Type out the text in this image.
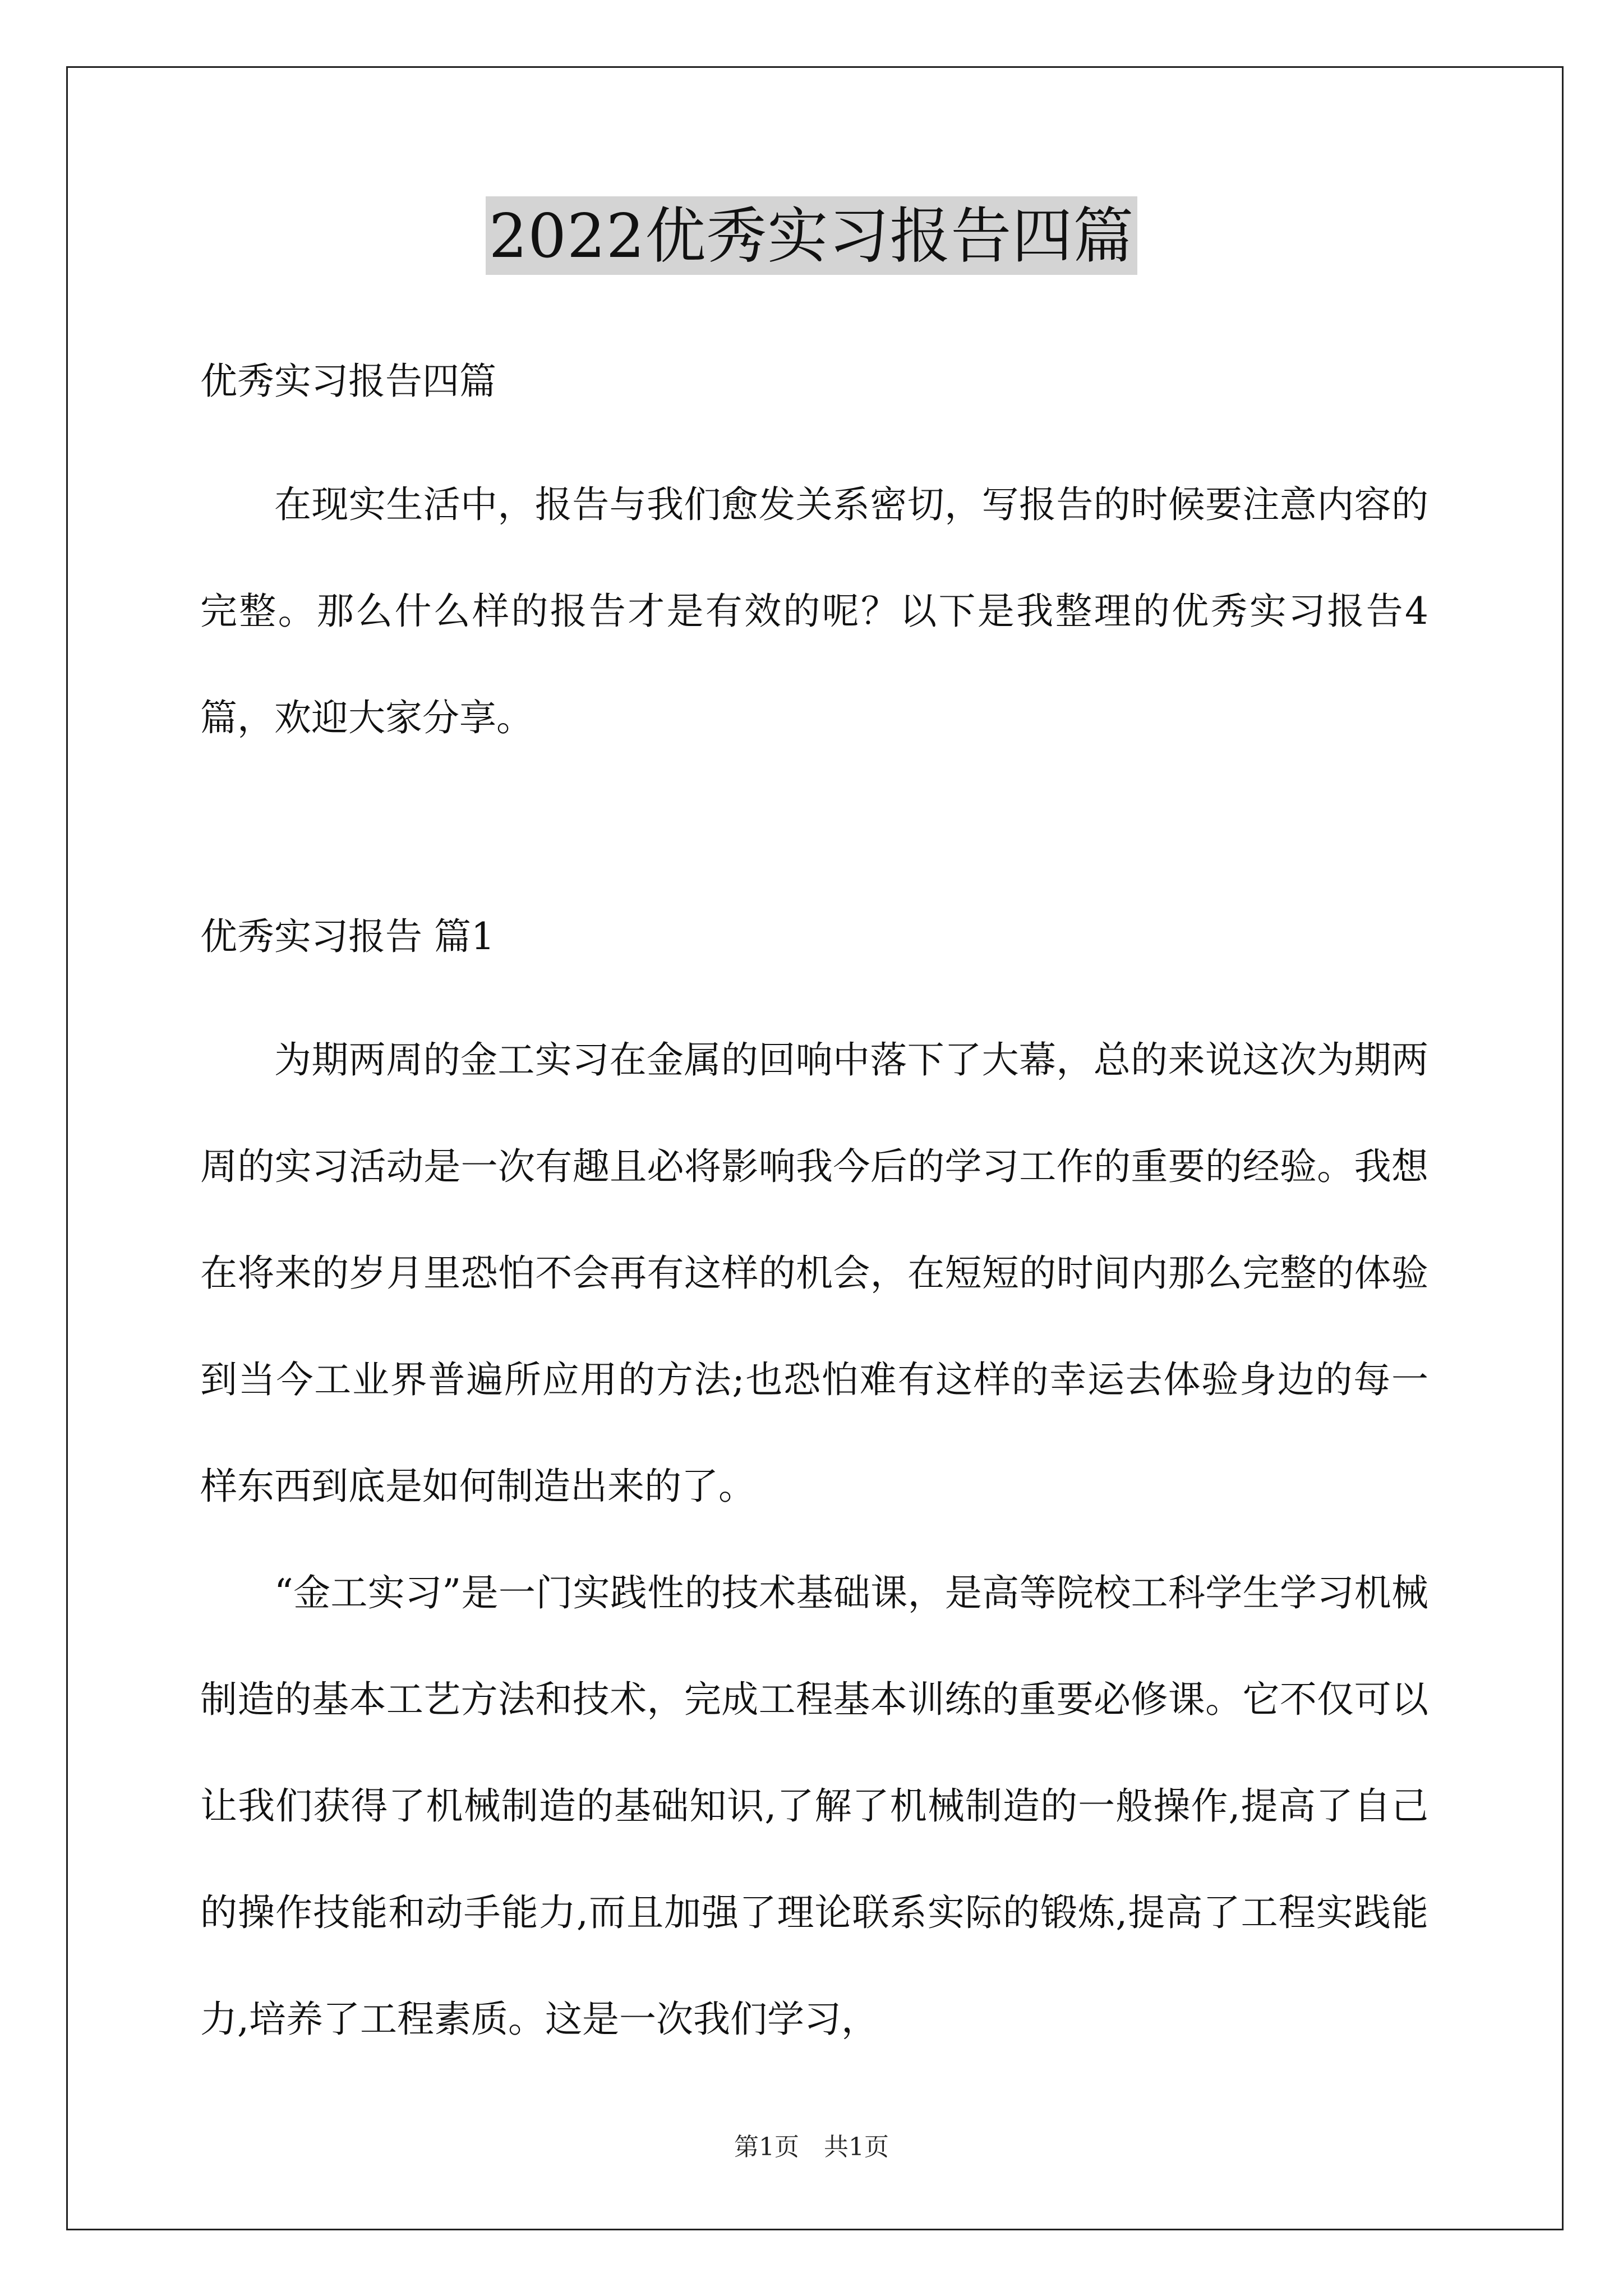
2022优秀实习报告四篇

优秀实习报告四篇

在现实生活中，报告与我们愈发关系密切，写报告的时候要注意内容的完整。那么什么样的报告才是有效的呢？以下是我整理的优秀实习报告4篇，欢迎大家分享。

优秀实习报告 篇1

为期两周的金工实习在金属的回响中落下了大幕，总的来说这次为期两周的实习活动是一次有趣且必将影响我今后的学习工作的重要的经验。我想在将来的岁月里恐怕不会再有这样的机会，在短短的时间内那么完整的体验到当今工业界普遍所应用的方法;也恐怕难有这样的幸运去体验身边的每一样东西到底是如何制造出来的了。

“金工实习”是一门实践性的技术基础课，是高等院校工科学生学习机械制造的基本工艺方法和技术，完成工程基本训练的重要必修课。它不仅可以让我们获得了机械制造的基础知识,了解了机械制造的一般操作,提高了自己的操作技能和动手能力,而且加强了理论联系实际的锻炼,提高了工程实践能力,培养了工程素质。这是一次我们学习，

第1页　共1页
